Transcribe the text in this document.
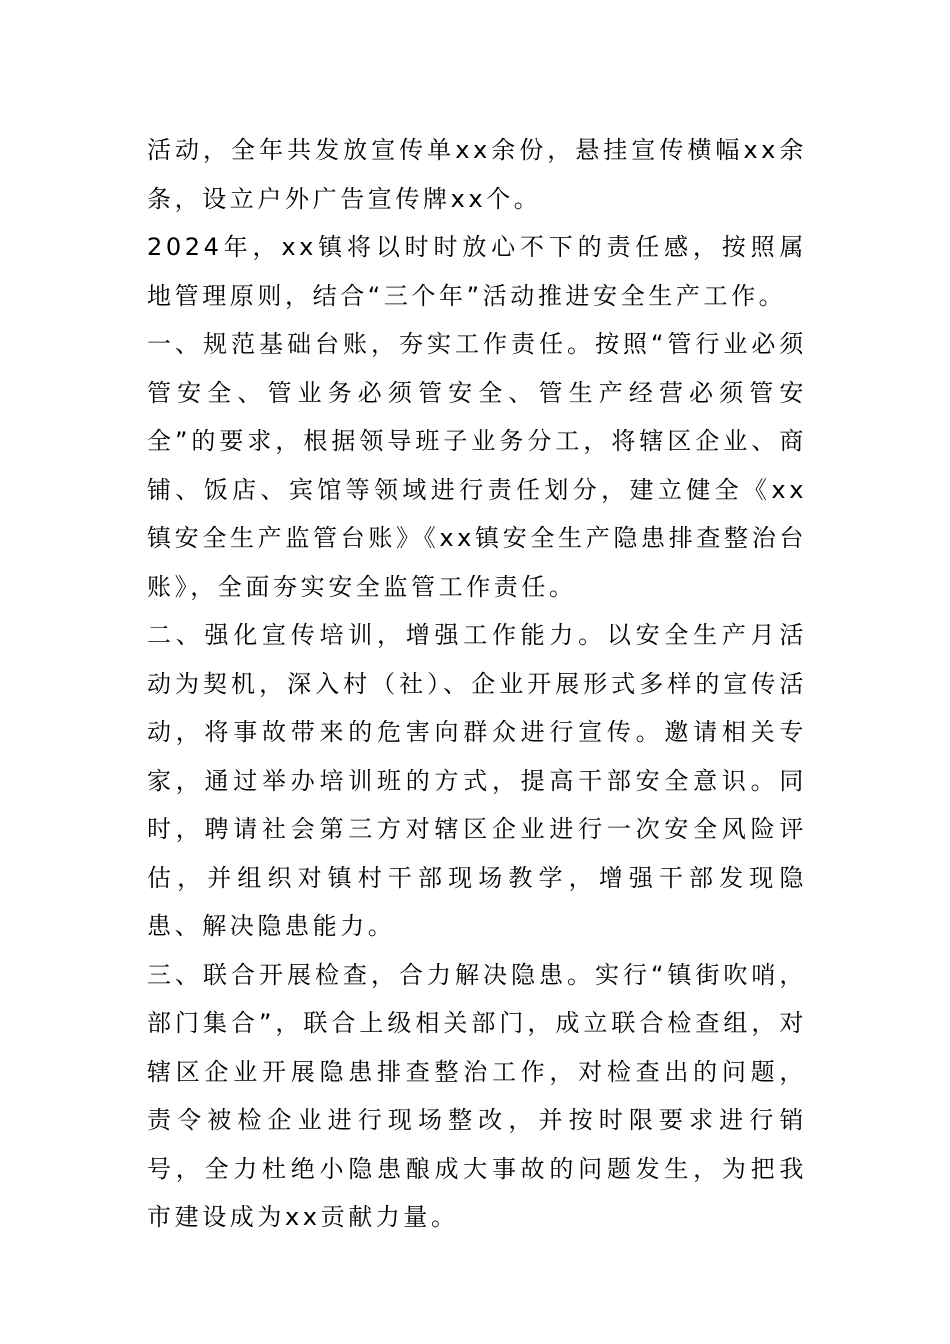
活动，全年共发放宣传单xx余份，悬挂宣传横幅xx余条，设立户外广告宣传牌xx个。

2024年，xx镇将以时时放心不下的责任感，按照属地管理原则，结合“三个年”活动推进安全生产工作。

一、规范基础台账，夯实工作责任。按照“管行业必须管安全、管业务必须管安全、管生产经营必须管安全”的要求，根据领导班子业务分工，将辖区企业、商铺、饭店、宾馆等领域进行责任划分，建立健全《xx镇安全生产监管台账》《xx镇安全生产隐患排查整治台账》，全面夯实安全监管工作责任。

二、强化宣传培训，增强工作能力。以安全生产月活动为契机，深入村（社）、企业开展形式多样的宣传活动，将事故带来的危害向群众进行宣传。邀请相关专家，通过举办培训班的方式，提高干部安全意识。同时，聘请社会第三方对辖区企业进行一次安全风险评估，并组织对镇村干部现场教学，增强干部发现隐患、解决隐患能力。

三、联合开展检查，合力解决隐患。实行“镇街吹哨，部门集合”，联合上级相关部门，成立联合检查组，对辖区企业开展隐患排查整治工作，对检查出的问题，责令被检企业进行现场整改，并按时限要求进行销号，全力杜绝小隐患酿成大事故的问题发生，为把我市建设成为xx贡献力量。
